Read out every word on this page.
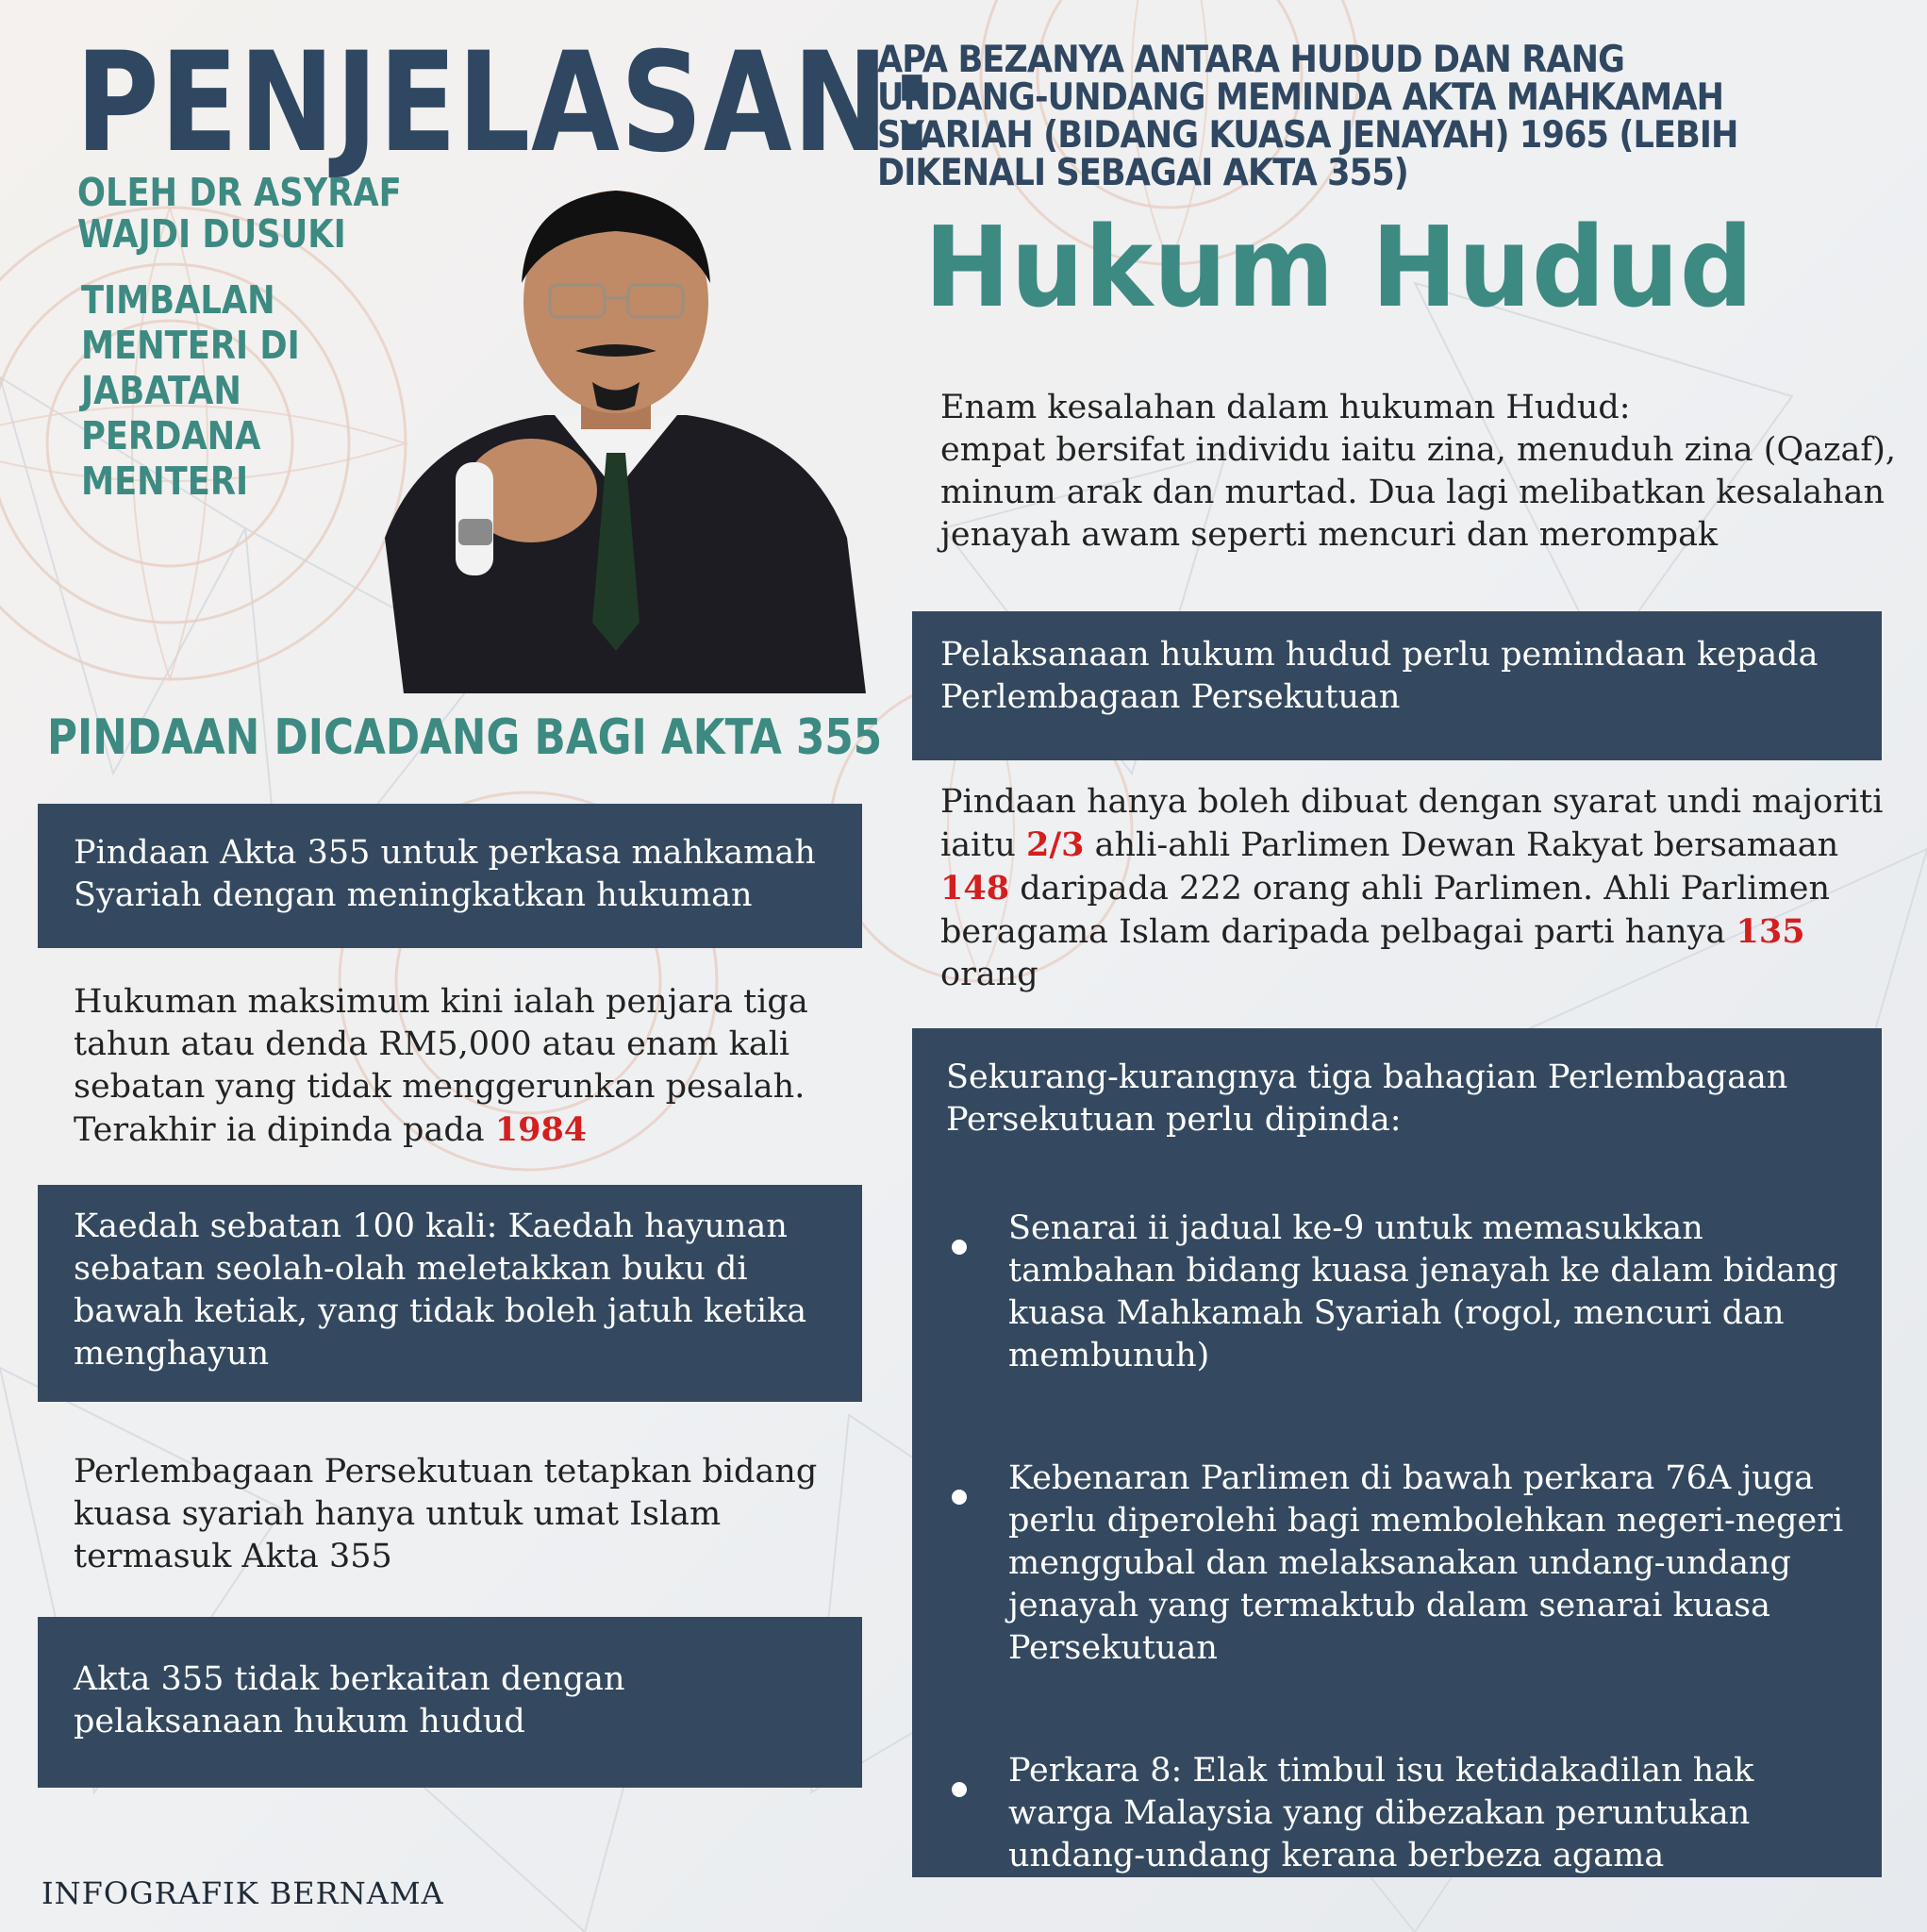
PENJELASAN:

APA BEZANYA ANTARA HUDUD DAN RANG UNDANG-UNDANG MEMINDA AKTA MAHKAMAH SYARIAH (BIDANG KUASA JENAYAH) 1965 (LEBIH DIKENALI SEBAGAI AKTA 355)

OLEH DR ASYRAF WAJDI DUSUKI

TIMBALAN MENTERI DI JABATAN PERDANA MENTERI

Hukum Hudud
Enam kesalahan dalam hukuman Hudud:
empat bersifat individu iaitu zina, menuduh zina (Qazaf), minum arak dan murtad. Dua lagi melibatkan kesalahan jenayah awam seperti mencuri dan merompak

Pelaksanaan hukum hudud perlu pemindaan kepada Perlembagaan Persekutuan

Pindaan hanya boleh dibuat dengan syarat undi majoriti iaitu 2/3 ahli-ahli Parlimen Dewan Rakyat bersamaan 148 daripada 222 orang ahli Parlimen. Ahli Parlimen beragama Islam daripada pelbagai parti hanya 135 orang

Sekurang-kurangnya tiga bahagian Perlembagaan Persekutuan perlu dipinda:

Senarai ii jadual ke-9 untuk memasukkan tambahan bidang kuasa jenayah ke dalam bidang kuasa Mahkamah Syariah (rogol, mencuri dan membunuh)
Kebenaran Parlimen di bawah perkara 76A juga perlu diperolehi bagi membolehkan negeri-negeri menggubal dan melaksanakan undang-undang jenayah yang termaktub dalam senarai kuasa Persekutuan
Perkara 8: Elak timbul isu ketidakadilan hak warga Malaysia yang dibezakan peruntukan undang-undang kerana berbeza agama
PINDAAN DICADANG BAGI AKTA 355

Pindaan Akta 355 untuk perkasa mahkamah Syariah dengan meningkatkan hukuman

Hukuman maksimum kini ialah penjara tiga tahun atau denda RM5,000 atau enam kali sebatan yang tidak menggerunkan pesalah. Terakhir ia dipinda pada 1984

Kaedah sebatan 100 kali: Kaedah hayunan sebatan seolah-olah meletakkan buku di bawah ketiak, yang tidak boleh jatuh ketika menghayun

Perlembagaan Persekutuan tetapkan bidang kuasa syariah hanya untuk umat Islam termasuk Akta 355

Akta 355 tidak berkaitan dengan pelaksanaan hukum hudud

INFOGRAFIK BERNAMA
